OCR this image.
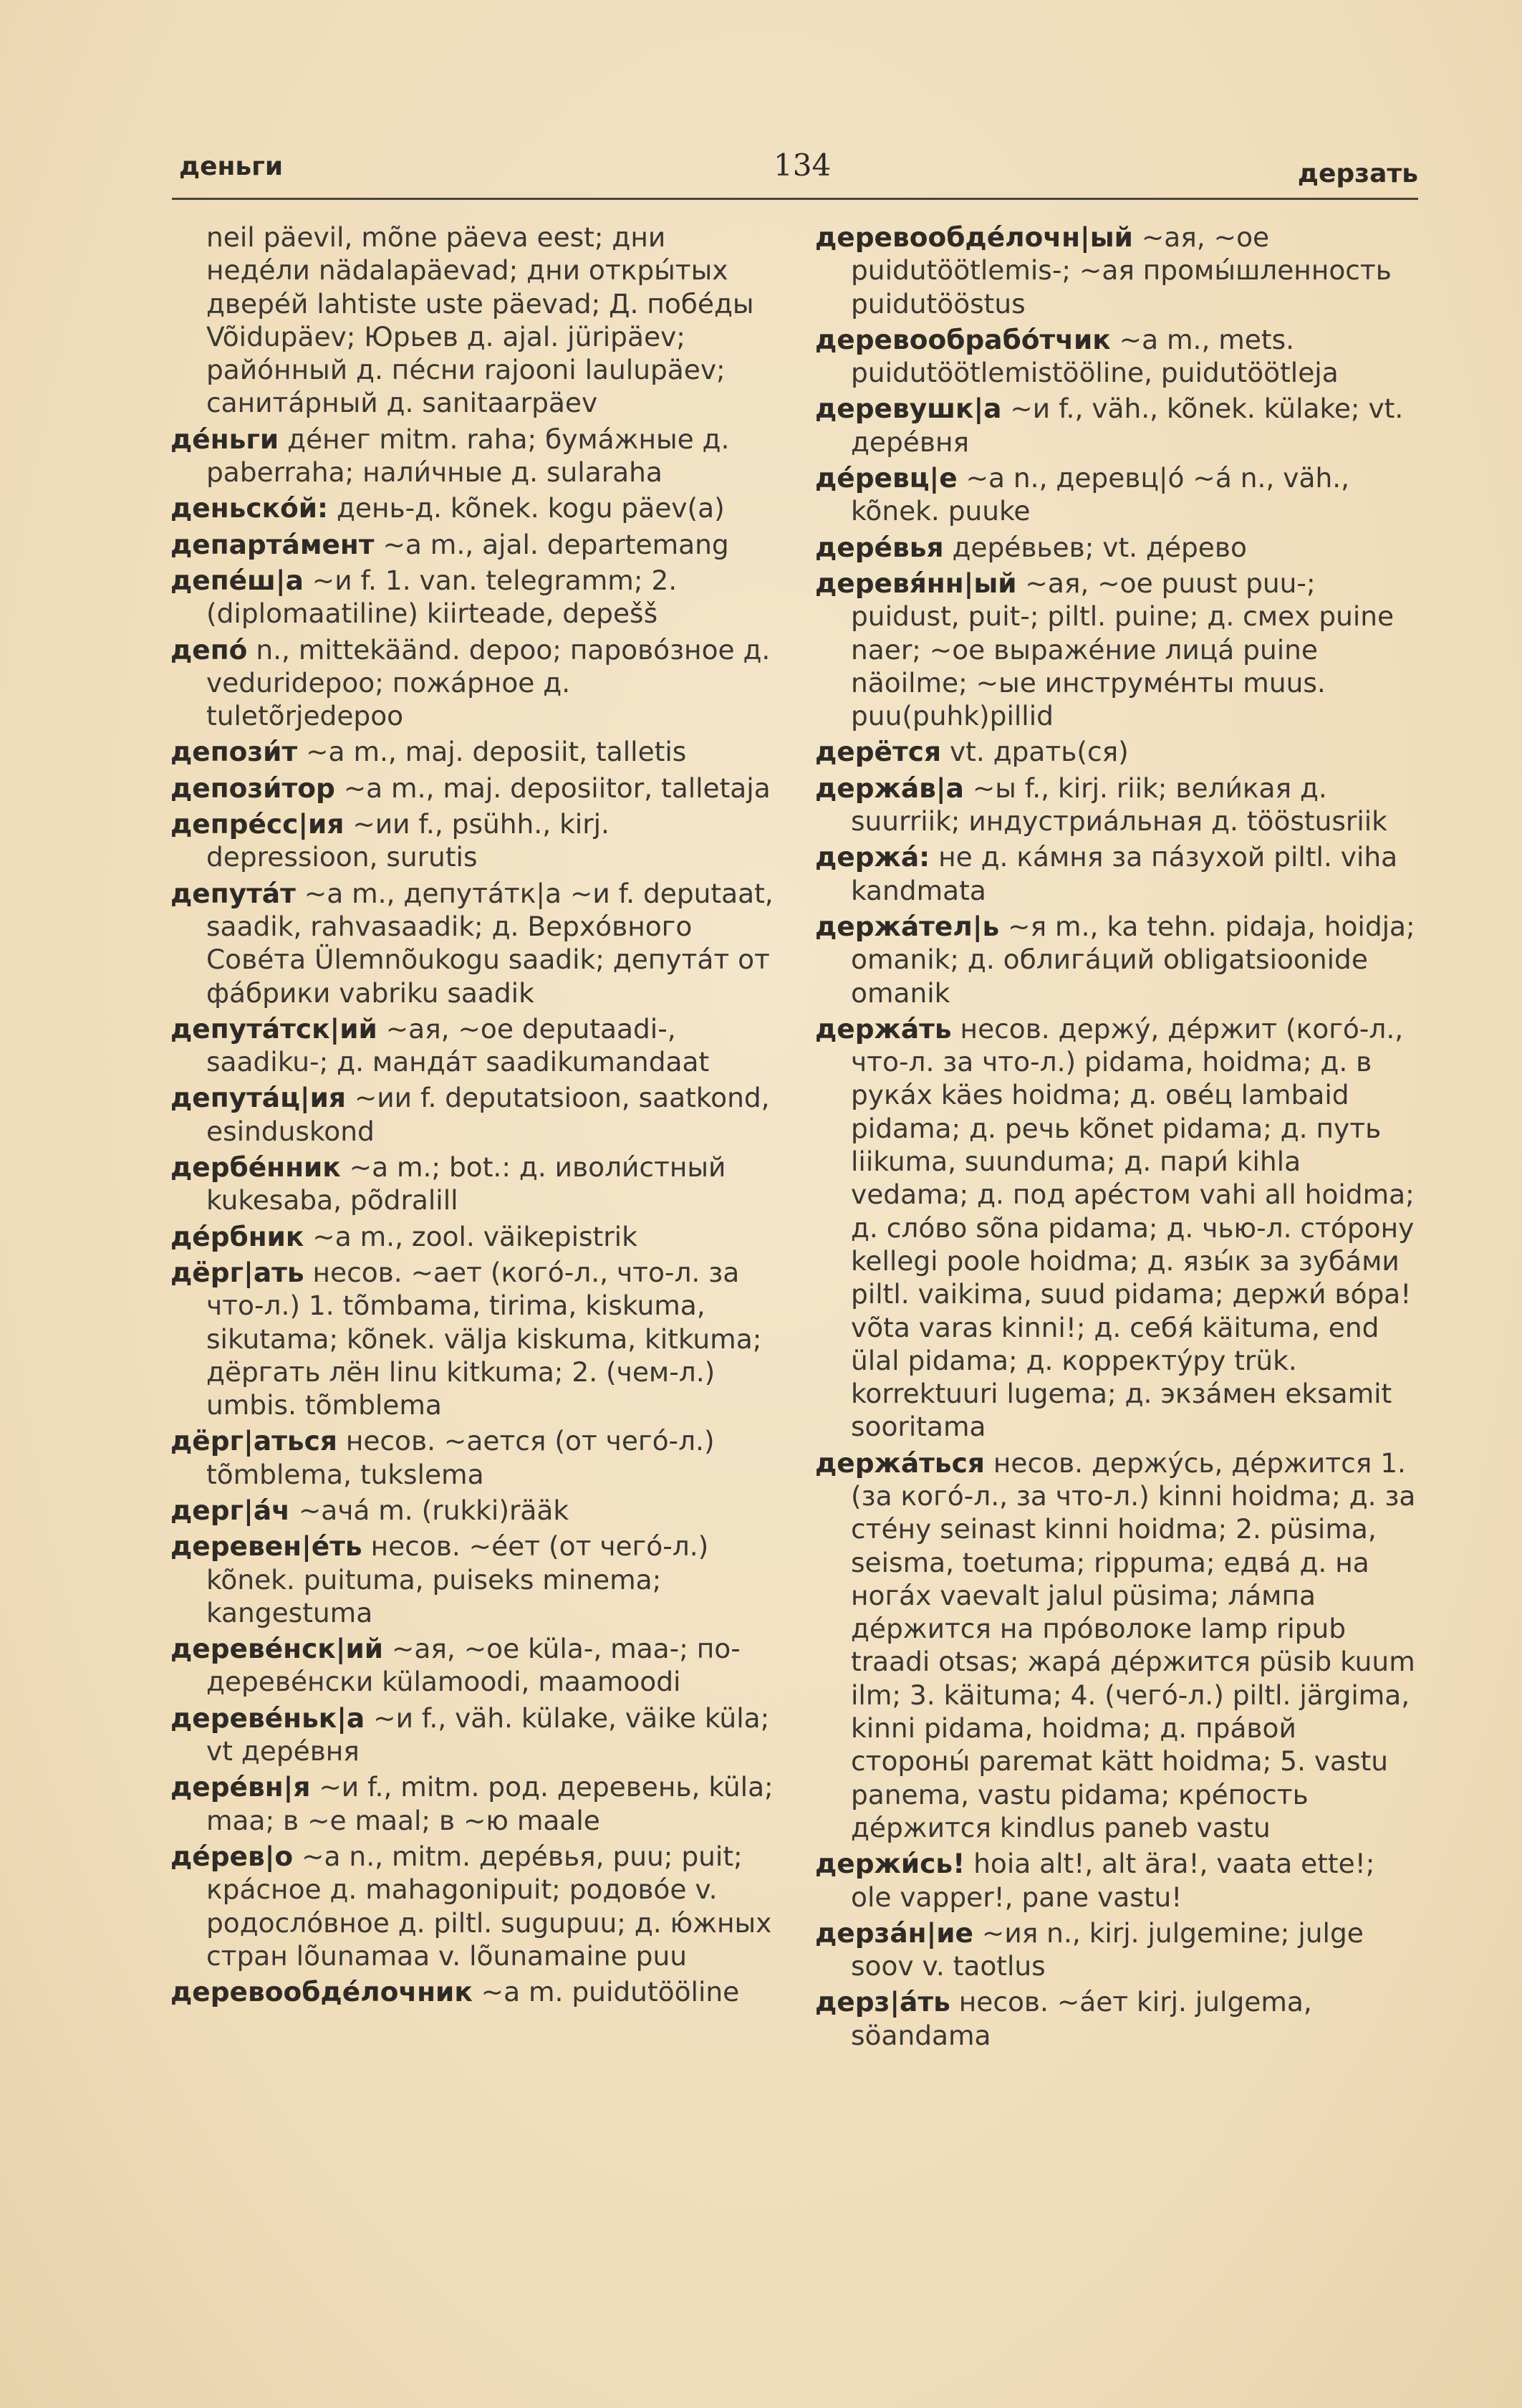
деньги	134	дерзать

neil päevil, mõne päeva eest; дни неде́ли nädalapäevad; дни откры́тых двере́й lahtiste uste päevad; Д. побе́ды Võidupäev; Юрьев д. ajal. jüripäev; райо́нный д. пе́сни rajooni laulupäev; санита́рный д. sanitaarpäev

де́ньги де́нег mitm. raha; бума́жные д. paberraha; нали́чные д. sularaha

деньско́й: день-д. kõnek. kogu päev(a)

департа́мент ~а m., ajal. departemang

депе́ш|а ~и f. 1. van. telegramm; 2. (diplomaatiline) kiirteade, depešš

депо́ n., mittekäänd. depoo; парово́зное д. veduridepoo; пожа́рное д. tuletõrjedepoo

депози́т ~а m., maj. deposiit, talletis

депози́тор ~а m., maj. deposiitor, talletaja

депре́сс|ия ~ии f., psühh., kirj. depressioon, surutis

депута́т ~а m., депута́тк|а ~и f. deputaat, saadik, rahvasaadik; д. Верхо́вного Сове́та Ülemnõukogu saadik; депута́т от фа́брики vabriku saadik

депута́тск|ий ~ая, ~ое deputaadi-, saadiku-; д. манда́т saadikumandaat

депута́ц|ия ~ии f. deputatsioon, saatkond, esinduskond

дербе́нник ~а m.; bot.: д. иволи́стный kukesaba, põdralill

де́рбник ~а m., zool. väikepistrik

дёрг|ать несов. ~ает (кого́-л., что-л. за что-л.) 1. tõmbama, tirima, kiskuma, sikutama; kõnek. välja kiskuma, kitkuma; дёргать лён linu kitkuma; 2. (чем-л.) umbis. tõmblema

дёрг|аться несов. ~ается (от чего́-л.) tõmblema, tukslema

дерг|а́ч ~ача́ m. (rukki)rääk

деревен|е́ть несов. ~е́ет (от чего́-л.) kõnek. puituma, puiseks minema; kangestuma

дереве́нск|ий ~ая, ~ое küla-, maa-; по-дереве́нски külamoodi, maamoodi

дереве́ньк|а ~и f., väh. külake, väike küla; vt дере́вня

дере́вн|я ~и f., mitm. род. деревень, küla; maa; в ~е maal; в ~ю maale

де́рев|о ~а n., mitm. дере́вья, puu; puit; кра́сное д. mahagonipuit; родово́е v. родосло́вное д. piltl. sugupuu; д. ю́жных стран lõunamaa v. lõunamaine puu

деревообде́лочник ~а m. puidutööline

деревообде́лочн|ый ~ая, ~ое puidutöötlemis-; ~ая промы́шленность puidutööstus

деревообрабо́тчик ~а m., mets. puidutöötlemistööline, puidutöötleja

деревушк|а ~и f., väh., kõnek. külake; vt. дере́вня

де́ревц|е ~а n., деревц|о́ ~а́ n., väh., kõnek. puuke

дере́вья дере́вьев; vt. де́рево

деревя́нн|ый ~ая, ~ое puust puu-; puidust, puit-; piltl. puine; д. смех puine naer; ~ое выраже́ние лица́ puine näoilme; ~ые инструме́нты muus. puu(puhk)pillid

дерётся vt. драть(ся)

держа́в|а ~ы f., kirj. riik; вели́кая д. suurriik; индустриа́льная д. tööstusriik

держа́: не д. ка́мня за па́зухой piltl. viha kandmata

держа́тел|ь ~я m., ka tehn. pidaja, hoidja; omanik; д. облига́ций obligatsioonide omanik

держа́ть несов. держу́, де́ржит (кого́-л., что-л. за что-л.) pidama, hoidma; д. в рука́х käes hoidma; д. ове́ц lambaid pidama; д. речь kõnet pidama; д. путь liikuma, suunduma; д. пари́ kihla vedama; д. под аре́стом vahi all hoidma; д. сло́во sõna pidama; д. чью-л. сто́рону kellegi poole hoidma; д. язы́к за зуба́ми piltl. vaikima, suud pidama; держи́ во́ра! võta varas kinni!; д. себя́ käituma, end ülal pidama; д. корректу́ру trük. korrektuuri lugema; д. экза́мен eksamit sooritama

держа́ться несов. держу́сь, де́ржится 1. (за кого́-л., за что-л.) kinni hoidma; д. за сте́ну seinast kinni hoidma; 2. püsima, seisma, toetuma; rippuma; едва́ д. на нога́х vaevalt jalul püsima; ла́мпа де́ржится на про́волоке lamp ripub traadi otsas; жара́ де́ржится püsib kuum ilm; 3. käituma; 4. (чего́-л.) piltl. järgima, kinni pidama, hoidma; д. пра́вой стороны́ paremat kätt hoidma; 5. vastu panema, vastu pidama; кре́пость де́ржится kindlus paneb vastu

держи́сь! hoia alt!, alt ära!, vaata ette!; ole vapper!, pane vastu!

дерза́н|ие ~ия n., kirj. julgemine; julge soov v. taotlus

дерз|а́ть несов. ~а́ет kirj. julgema, söandama
